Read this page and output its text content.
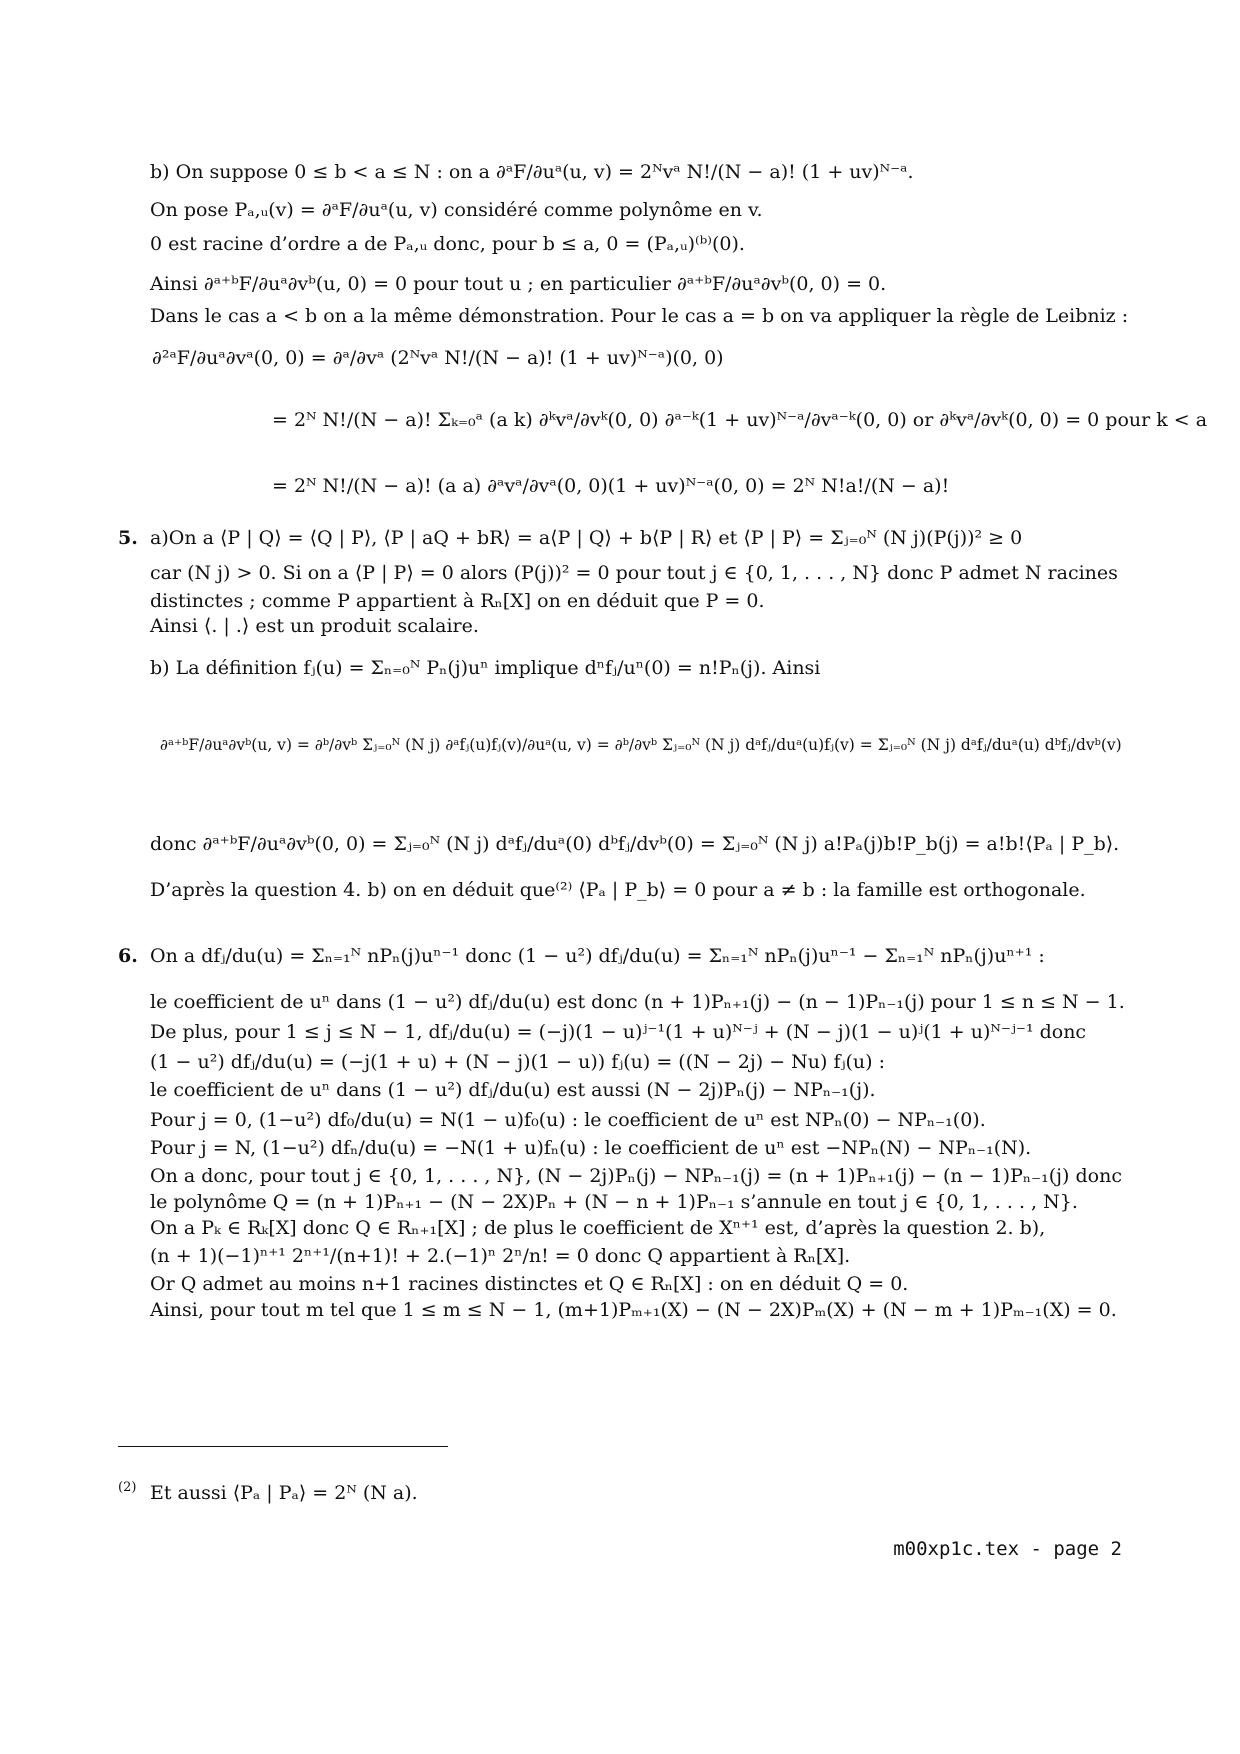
b) On suppose 0 ≤ b < a ≤ N : on a ∂ᵃF/∂uᵃ(u, v) = 2ᴺvᵃ N!/(N − a)! (1 + uv)ᴺ⁻ᵃ.
On pose Pₐ,ᵤ(v) = ∂ᵃF/∂uᵃ(u, v) considéré comme polynôme en v.
0 est racine d’ordre a de Pₐ,ᵤ donc, pour b ≤ a, 0 = (Pₐ,ᵤ)⁽ᵇ⁾(0).
Ainsi ∂ᵃ⁺ᵇF/∂uᵃ∂vᵇ(u, 0) = 0 pour tout u ; en particulier ∂ᵃ⁺ᵇF/∂uᵃ∂vᵇ(0, 0) = 0.
Dans le cas a < b on a la même démonstration. Pour le cas a = b on va appliquer la règle de Leibniz :
∂²ᵃF/∂uᵃ∂vᵃ(0, 0) = ∂ᵃ/∂vᵃ (2ᴺvᵃ N!/(N − a)! (1 + uv)ᴺ⁻ᵃ)(0, 0)
= 2ᴺ N!/(N − a)! Σₖ₌₀ᵃ (a k) ∂ᵏvᵃ/∂vᵏ(0, 0) ∂ᵃ⁻ᵏ(1 + uv)ᴺ⁻ᵃ/∂vᵃ⁻ᵏ(0, 0) or ∂ᵏvᵃ/∂vᵏ(0, 0) = 0 pour k < a
= 2ᴺ N!/(N − a)! (a a) ∂ᵃvᵃ/∂vᵃ(0, 0)(1 + uv)ᴺ⁻ᵃ(0, 0) = 2ᴺ N!a!/(N − a)!
5. a)On a ⟨P | Q⟩ = ⟨Q | P⟩, ⟨P | aQ + bR⟩ = a⟨P | Q⟩ + b⟨P | R⟩ et ⟨P | P⟩ = Σⱼ₌₀ᴺ (N j)(P(j))² ≥ 0
car (N j) > 0. Si on a ⟨P | P⟩ = 0 alors (P(j))² = 0 pour tout j ∈ {0, 1, . . . , N} donc P admet N racines
distinctes ; comme P appartient à Rₙ[X] on en déduit que P = 0.
Ainsi ⟨. | .⟩ est un produit scalaire.
b) La définition fⱼ(u) = Σₙ₌₀ᴺ Pₙ(j)uⁿ implique dⁿfⱼ/uⁿ(0) = n!Pₙ(j). Ainsi
∂ᵃ⁺ᵇF/∂uᵃ∂vᵇ(u, v) = ∂ᵇ/∂vᵇ Σⱼ₌₀ᴺ (N j) ∂ᵃfⱼ(u)fⱼ(v)/∂uᵃ(u, v) = ∂ᵇ/∂vᵇ Σⱼ₌₀ᴺ (N j) dᵃfⱼ/duᵃ(u)fⱼ(v) = Σⱼ₌₀ᴺ (N j) dᵃfⱼ/duᵃ(u) dᵇfⱼ/dvᵇ(v)
donc ∂ᵃ⁺ᵇF/∂uᵃ∂vᵇ(0, 0) = Σⱼ₌₀ᴺ (N j) dᵃfⱼ/duᵃ(0) dᵇfⱼ/dvᵇ(0) = Σⱼ₌₀ᴺ (N j) a!Pₐ(j)b!P_b(j) = a!b!⟨Pₐ | P_b⟩.
D’après la question 4. b) on en déduit que⁽²⁾ ⟨Pₐ | P_b⟩ = 0 pour a ≠ b : la famille est orthogonale.
6. On a dfⱼ/du(u) = Σₙ₌₁ᴺ nPₙ(j)uⁿ⁻¹ donc (1 − u²) dfⱼ/du(u) = Σₙ₌₁ᴺ nPₙ(j)uⁿ⁻¹ − Σₙ₌₁ᴺ nPₙ(j)uⁿ⁺¹ :
le coefficient de uⁿ dans (1 − u²) dfⱼ/du(u) est donc (n + 1)Pₙ₊₁(j) − (n − 1)Pₙ₋₁(j) pour 1 ≤ n ≤ N − 1.
De plus, pour 1 ≤ j ≤ N − 1, dfⱼ/du(u) = (−j)(1 − u)ʲ⁻¹(1 + u)ᴺ⁻ʲ + (N − j)(1 − u)ʲ(1 + u)ᴺ⁻ʲ⁻¹ donc
(1 − u²) dfⱼ/du(u) = (−j(1 + u) + (N − j)(1 − u)) fⱼ(u) = ((N − 2j) − Nu) fⱼ(u) :
le coefficient de uⁿ dans (1 − u²) dfⱼ/du(u) est aussi (N − 2j)Pₙ(j) − NPₙ₋₁(j).
Pour j = 0, (1−u²) df₀/du(u) = N(1 − u)f₀(u) : le coefficient de uⁿ est NPₙ(0) − NPₙ₋₁(0).
Pour j = N, (1−u²) dfₙ/du(u) = −N(1 + u)fₙ(u) : le coefficient de uⁿ est −NPₙ(N) − NPₙ₋₁(N).
On a donc, pour tout j ∈ {0, 1, . . . , N}, (N − 2j)Pₙ(j) − NPₙ₋₁(j) = (n + 1)Pₙ₊₁(j) − (n − 1)Pₙ₋₁(j) donc
le polynôme Q = (n + 1)Pₙ₊₁ − (N − 2X)Pₙ + (N − n + 1)Pₙ₋₁ s’annule en tout j ∈ {0, 1, . . . , N}.
On a Pₖ ∈ Rₖ[X] donc Q ∈ Rₙ₊₁[X] ; de plus le coefficient de Xⁿ⁺¹ est, d’après la question 2. b),
(n + 1)(−1)ⁿ⁺¹ 2ⁿ⁺¹/(n+1)! + 2.(−1)ⁿ 2ⁿ/n! = 0 donc Q appartient à Rₙ[X].
Or Q admet au moins n+1 racines distinctes et Q ∈ Rₙ[X] : on en déduit Q = 0.
Ainsi, pour tout m tel que 1 ≤ m ≤ N − 1, (m+1)Pₘ₊₁(X) − (N − 2X)Pₘ(X) + (N − m + 1)Pₘ₋₁(X) = 0.
(2) Et aussi ⟨Pₐ | Pₐ⟩ = 2ᴺ (N a).
m00xp1c.tex - page 2
